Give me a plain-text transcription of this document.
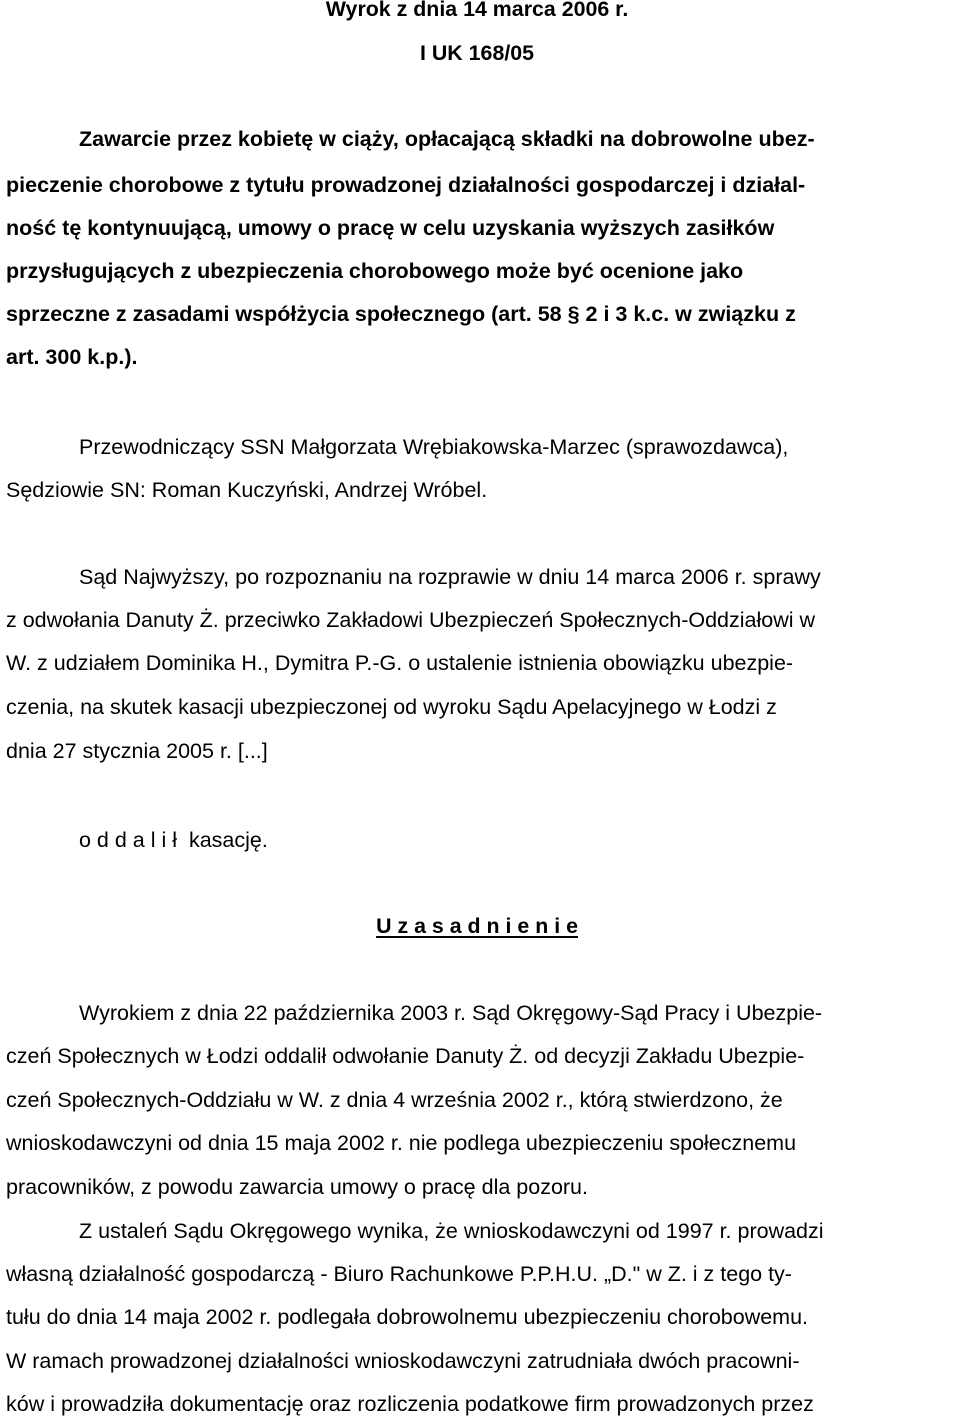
Wyrok z dnia 14 marca 2006 r.
I UK 168/05
Zawarcie przez kobietę w ciąży, opłacającą składki na dobrowolne ubez-
pieczenie chorobowe z tytułu prowadzonej działalności gospodarczej i działal-
ność tę kontynuującą, umowy o pracę w celu uzyskania wyższych zasiłków
przysługujących z ubezpieczenia chorobowego może być ocenione jako
sprzeczne z zasadami współżycia społecznego (art. 58 § 2 i 3 k.c. w związku z
art. 300 k.p.).
Przewodniczący SSN Małgorzata Wrębiakowska-Marzec (sprawozdawca),
Sędziowie SN: Roman Kuczyński, Andrzej Wróbel.
Sąd Najwyższy, po rozpoznaniu na rozprawie w dniu 14 marca 2006 r. sprawy
z odwołania Danuty Ż. przeciwko Zakładowi Ubezpieczeń Społecznych-Oddziałowi w
W. z udziałem Dominika H., Dymitra P.-G. o ustalenie istnienia obowiązku ubezpie-
czenia, na skutek kasacji ubezpieczonej od wyroku Sądu Apelacyjnego w Łodzi z
dnia 27 stycznia 2005 r. [...]
o d d a l i ł  kasację.
U z a s a d n i e n i e
Wyrokiem z dnia 22 października 2003 r. Sąd Okręgowy-Sąd Pracy i Ubezpie-
czeń Społecznych w Łodzi oddalił odwołanie Danuty Ż. od decyzji Zakładu Ubezpie-
czeń Społecznych-Oddziału w W. z dnia 4 września 2002 r., którą stwierdzono, że
wnioskodawczyni od dnia 15 maja 2002 r. nie podlega ubezpieczeniu społecznemu
pracowników, z powodu zawarcia umowy o pracę dla pozoru.
Z ustaleń Sądu Okręgowego wynika, że wnioskodawczyni od 1997 r. prowadzi
własną działalność gospodarczą - Biuro Rachunkowe P.P.H.U. „D." w Z. i z tego ty-
tułu do dnia 14 maja 2002 r. podlegała dobrowolnemu ubezpieczeniu chorobowemu.
W ramach prowadzonej działalności wnioskodawczyni zatrudniała dwóch pracowni-
ków i prowadziła dokumentację oraz rozliczenia podatkowe firm prowadzonych przez
